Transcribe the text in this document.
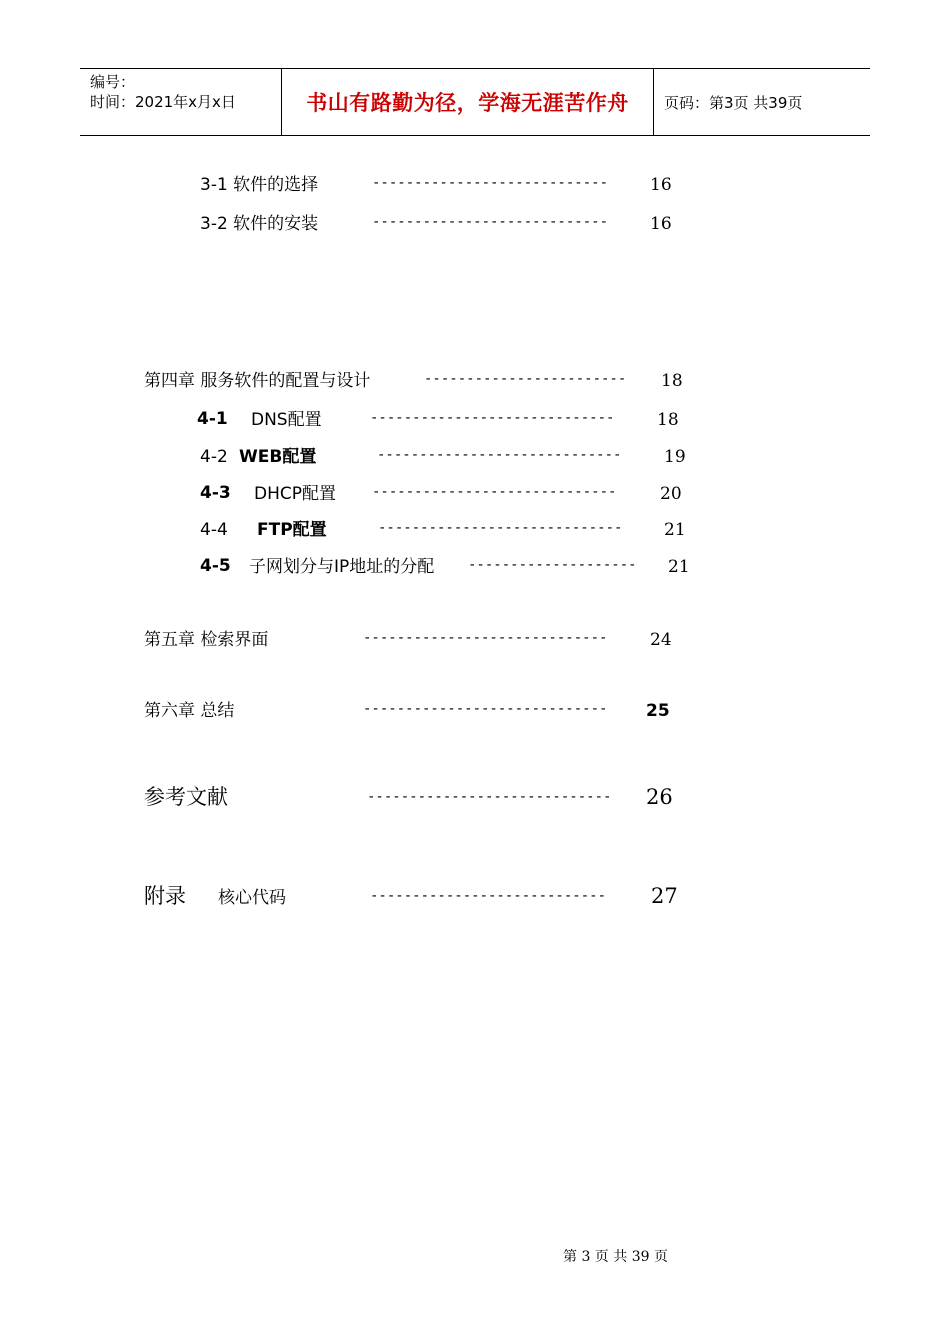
编号：
时间：2021年x月x日	书山有路勤为径，学海无涯苦作舟 页码：第3页 共39页
3-1 软件的选择	---------------------------- 16
3-2 软件的安装	---------------------------- 16
第四章 服务软件的配置与设计	------------------------ 18
4-1 DNS配置	-----------------------------	18
4-2 WEB配置	-----------------------------	19
4-3 DHCP配置	-----------------------------	20
4-4 FTP配置	----------------------------- 21
4-5 子网划分与IP地址的分配 -------------------- 21
第五章 检索界面	-----------------------------	24
第六章 总结	----------------------------- 25
参考文献	----------------------------- 26
附录 核心代码	---------------------------- 27
第 3 页 共 39 页
